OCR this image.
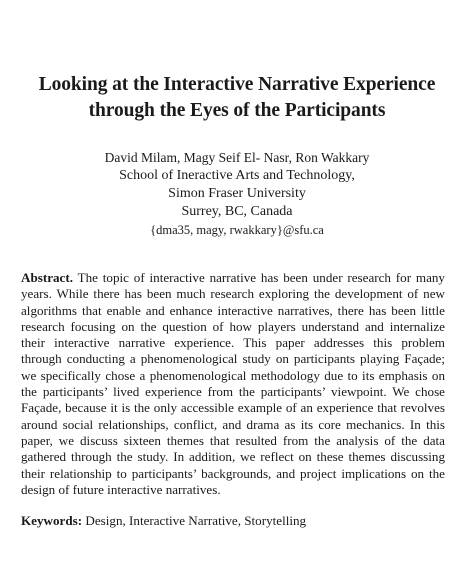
Looking at the Interactive Narrative Experience
through the Eyes of the Participants
David Milam, Magy Seif El- Nasr, Ron Wakkary
School of Ineractive Arts and Technology,
Simon Fraser University
Surrey, BC, Canada
{dma35, magy, rwakkary}@sfu.ca
Abstract. The topic of interactive narrative has been under research for many
years. While there has been much research exploring the development of new
algorithms that enable and enhance interactive narratives, there has been little
research focusing on the question of how players understand and internalize
their interactive narrative experience. This paper addresses this problem
through conducting a phenomenological study on participants playing Façade;
we specifically chose a phenomenological methodology due to its emphasis on
the participants’ lived experience from the participants’ viewpoint. We chose
Façade, because it is the only accessible example of an experience that revolves
around social relationships, conflict, and drama as its core mechanics. In this
paper, we discuss sixteen themes that resulted from the analysis of the data
gathered through the study. In addition, we reflect on these themes discussing
their relationship to participants’ backgrounds, and project implications on the
design of future interactive narratives.
Keywords: Design, Interactive Narrative, Storytelling
